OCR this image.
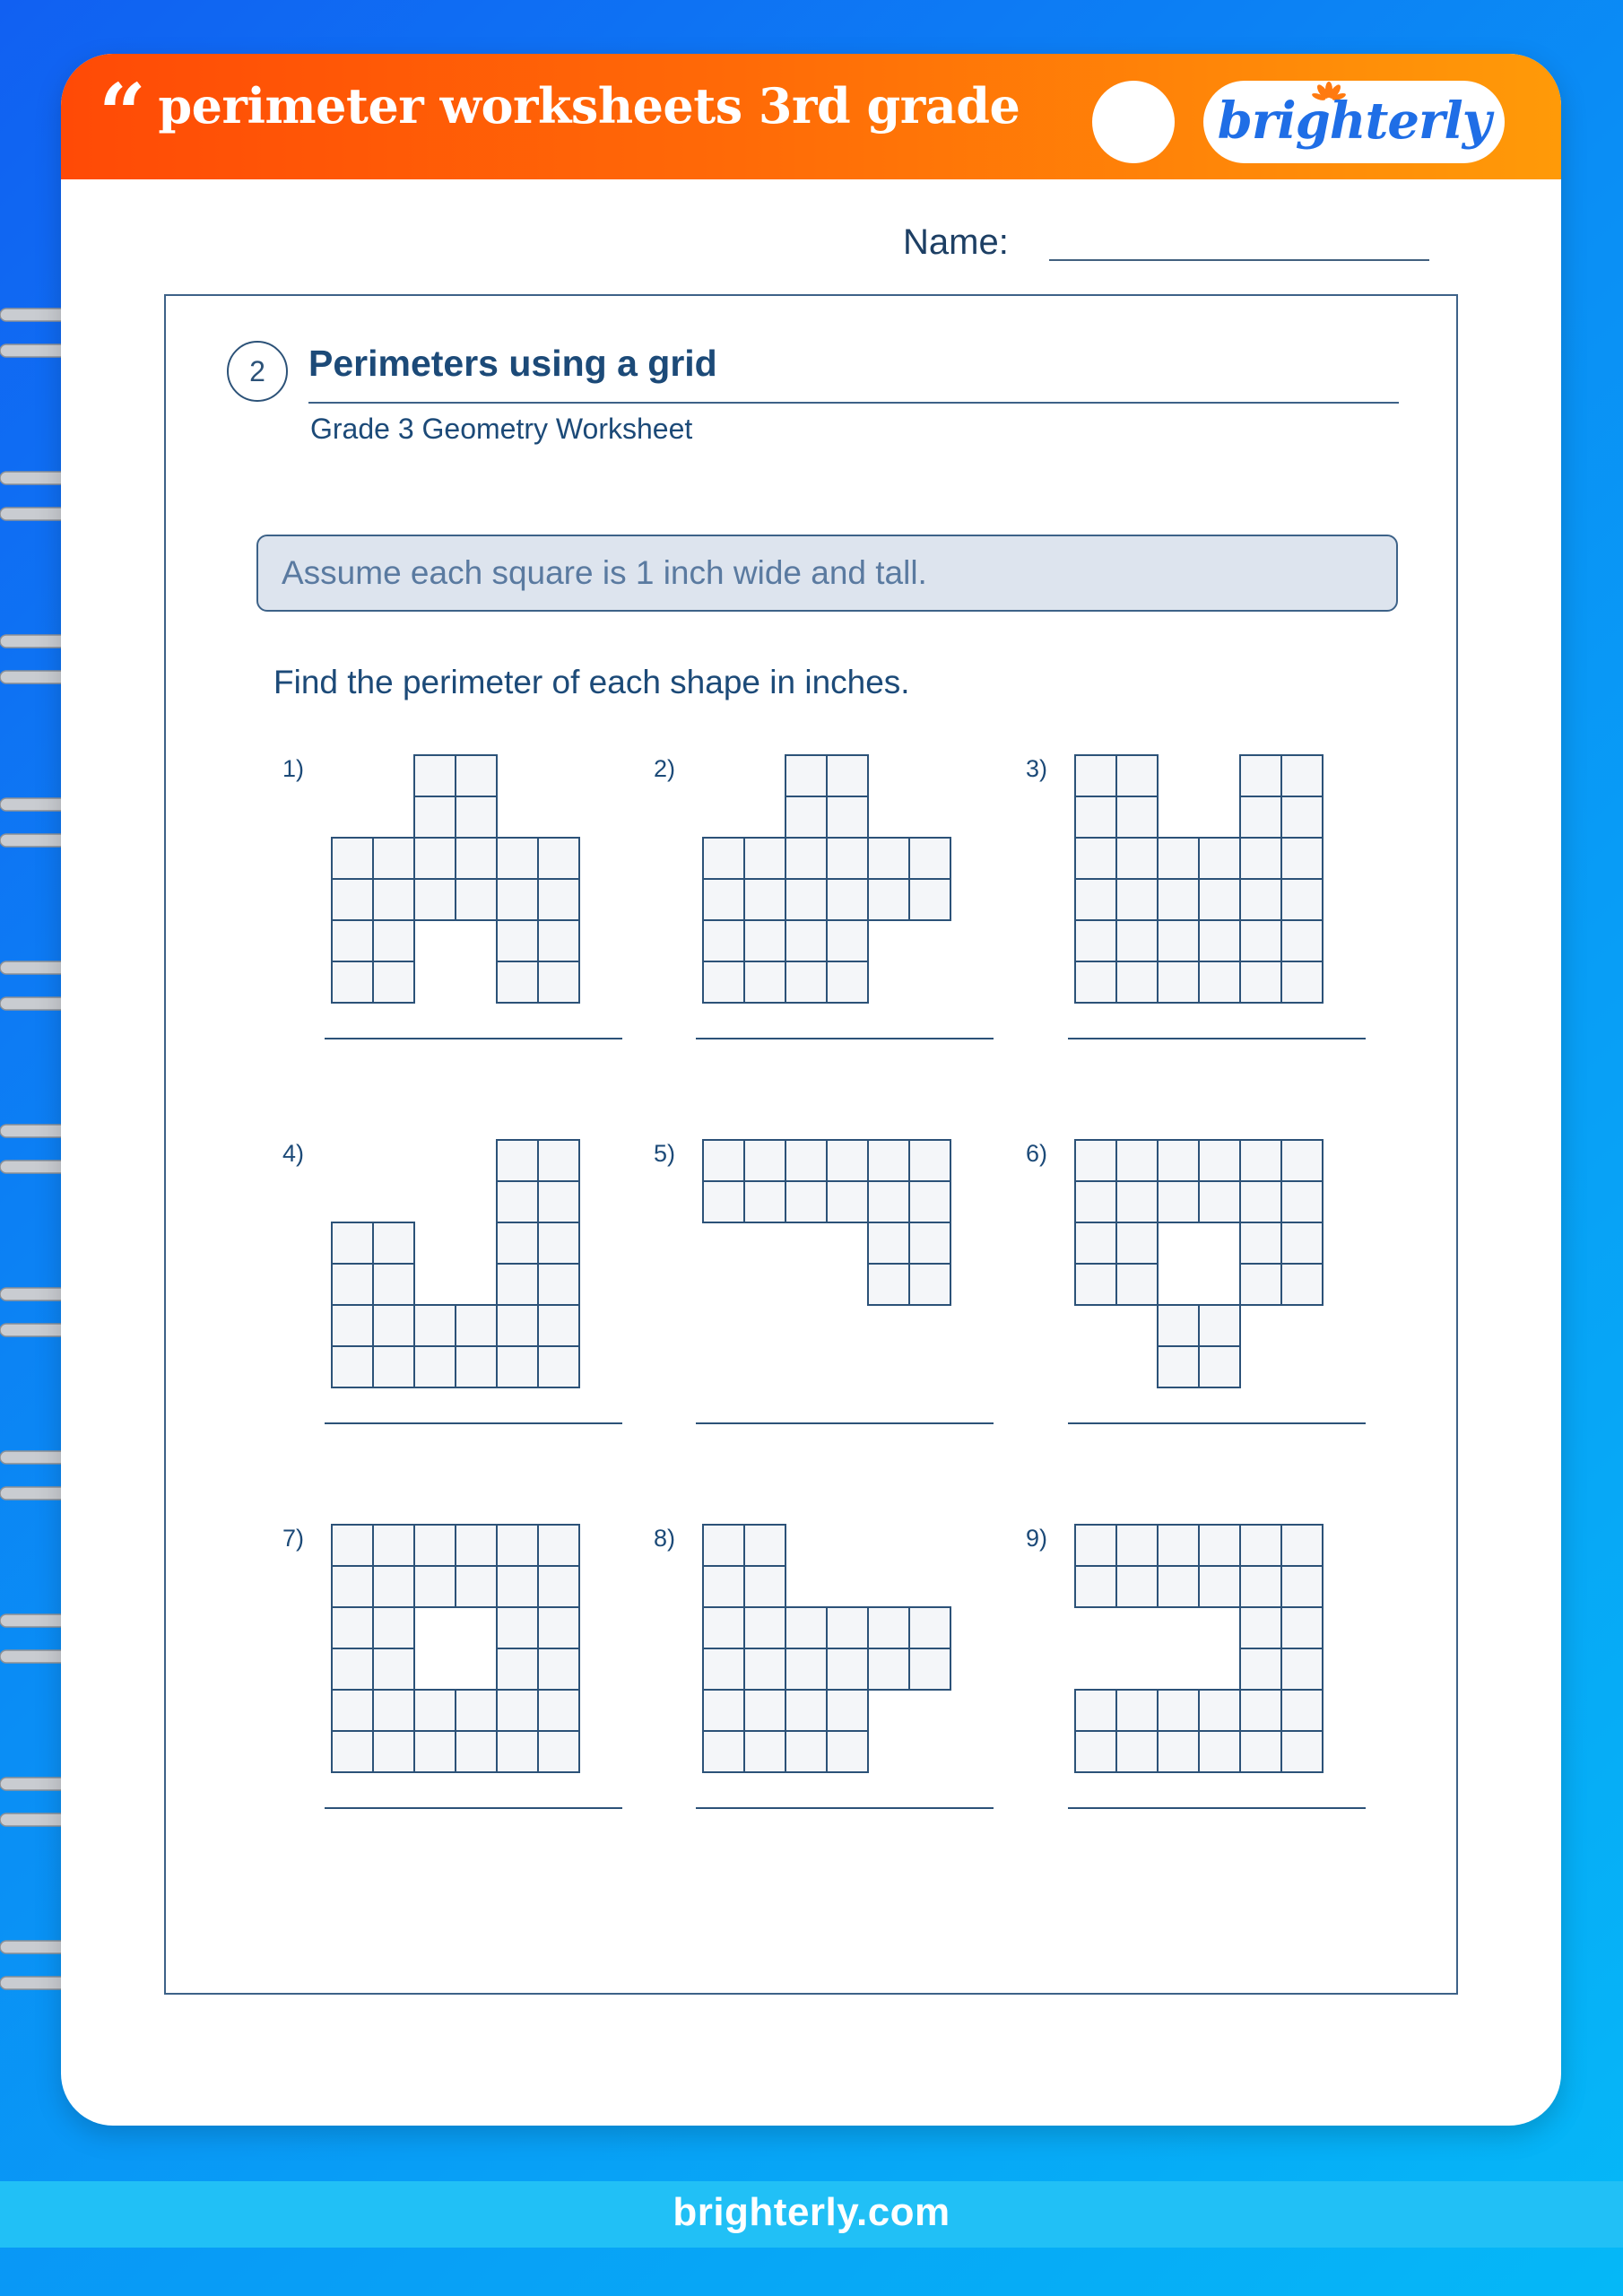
“ perimeter worksheets 3rd grade	brighterly
Name:
2	Perimeters using a grid
Grade 3 Geometry Worksheet
Assume each square is 1 inch wide and tall.
Find the perimeter of each shape in inches.
1)	2)	3)
4)	5)	6)
7)	8)	9)
brighterly.com
